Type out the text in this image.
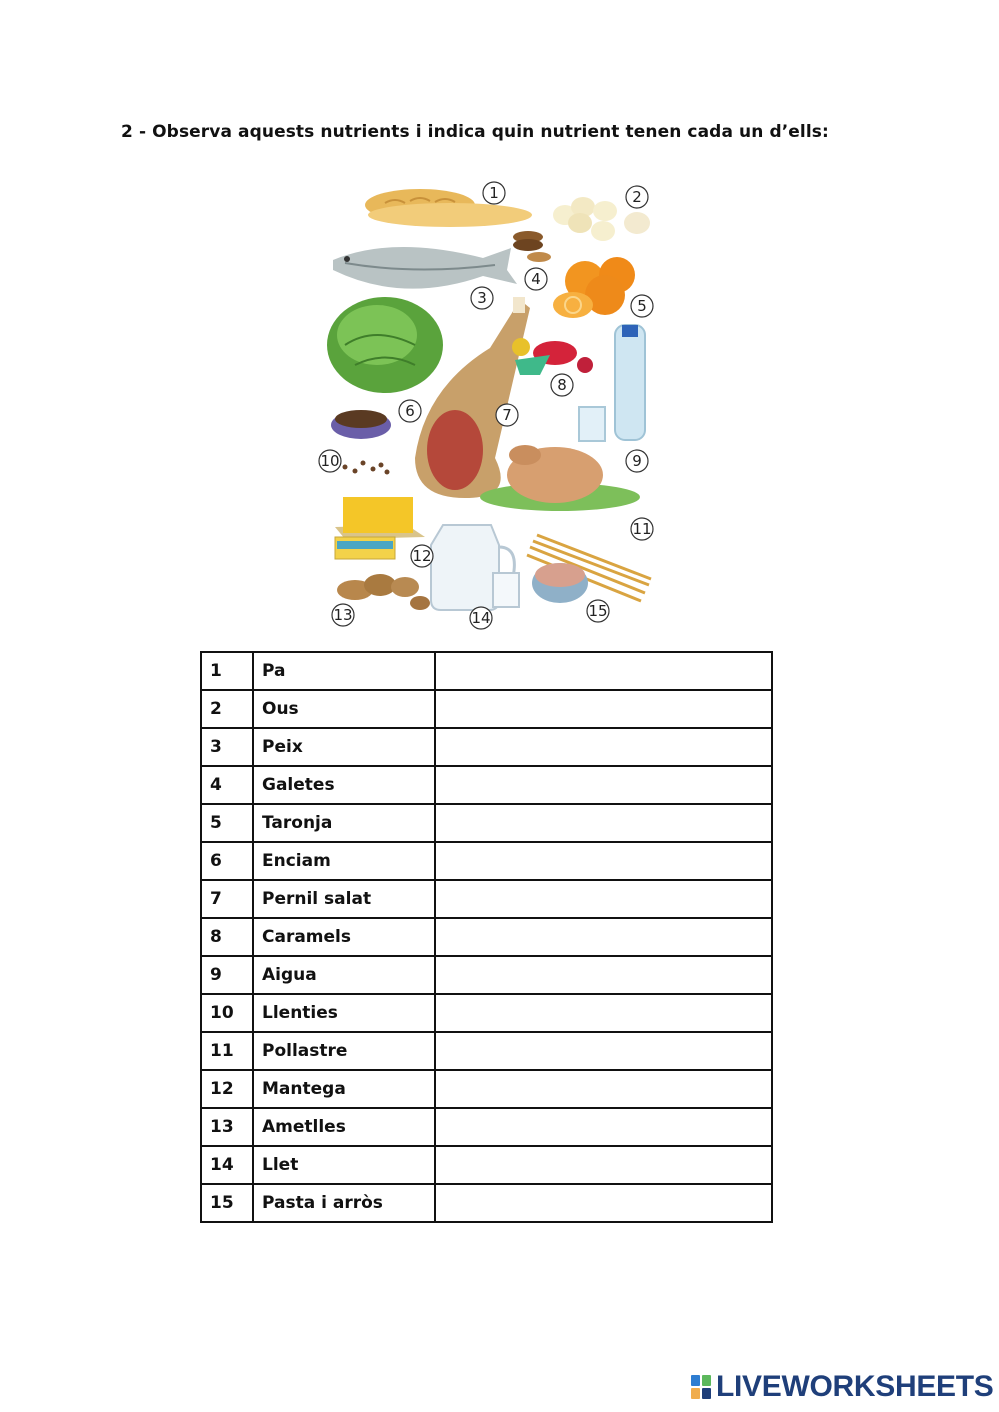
2 - Observa aquests nutrients i indica quin nutrient tenen cada un d’ells:
1	2
3
4
5
6	7
8
9
10
11
12
13	14	15
1	Pa	
2	Ous	
3	Peix	
4	Galetes	
5	Taronja	
6	Enciam	
7	Pernil salat	
8	Caramels	
9	Aigua	
10	Llenties	
11	Pollastre	
12	Mantega	
13	Ametlles	
14	Llet	
15	Pasta i arròs	
LIVEWORKSHEETS
